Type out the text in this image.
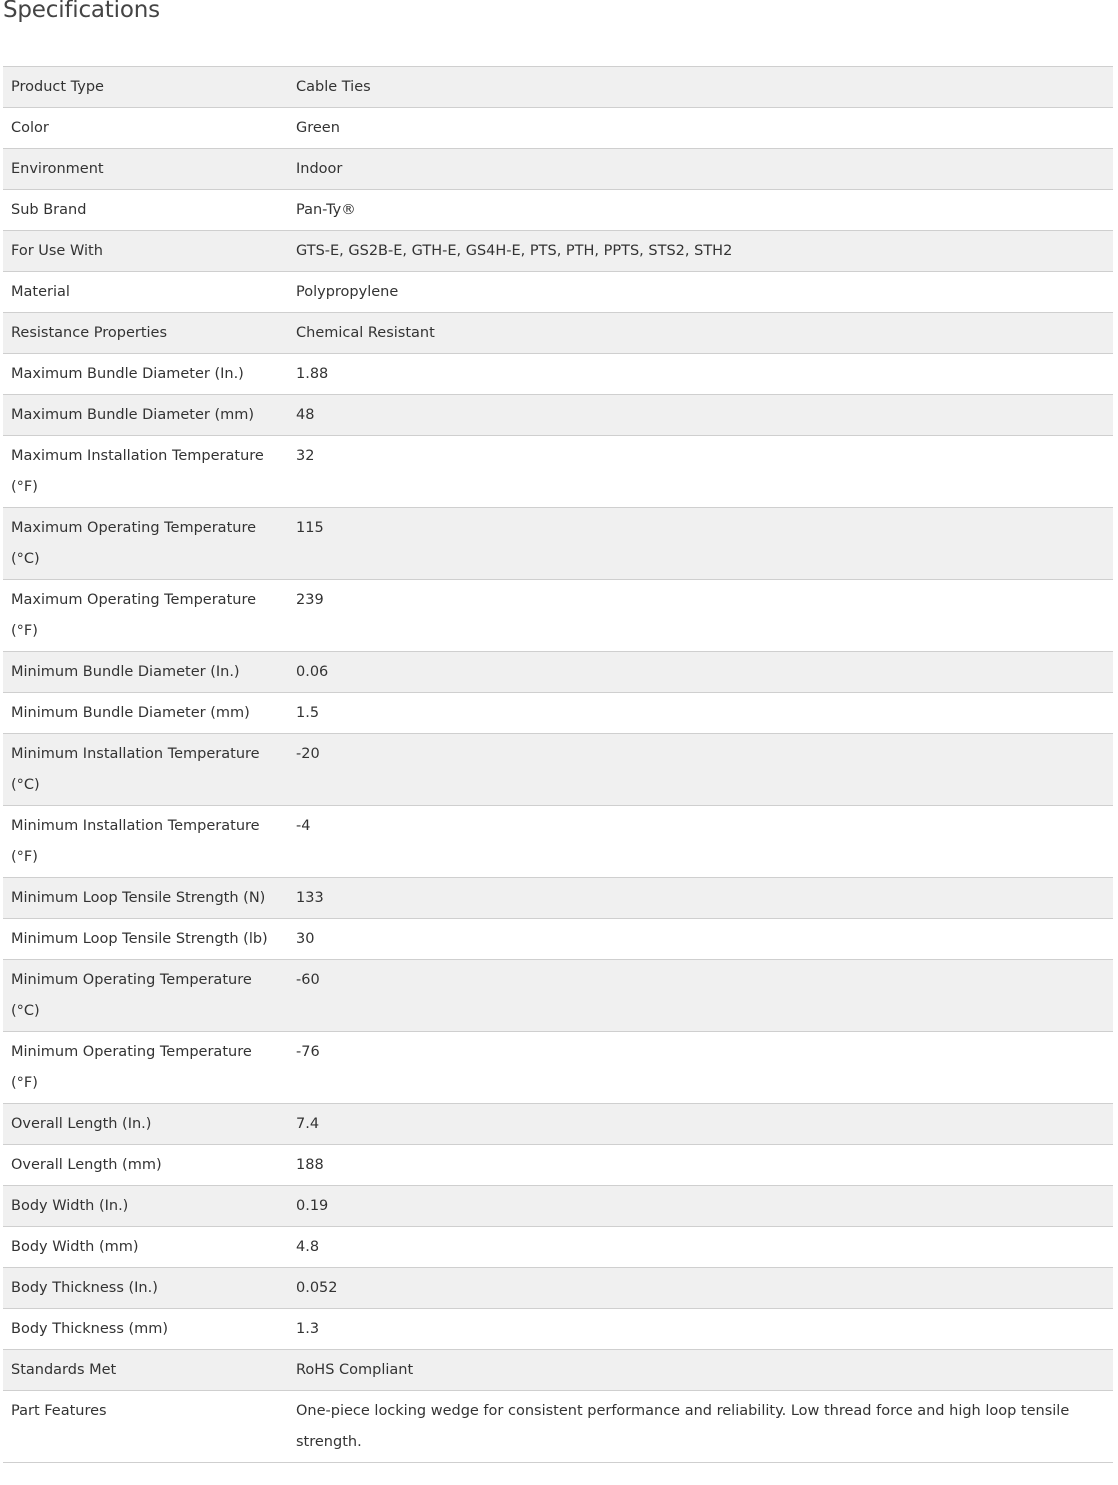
Specifications
Product Type	Cable Ties
Color	Green
Environment	Indoor
Sub Brand	Pan-Ty®
For Use With	GTS-E, GS2B-E, GTH-E, GS4H-E, PTS, PTH, PPTS, STS2, STH2
Material	Polypropylene
Resistance Properties	Chemical Resistant
Maximum Bundle Diameter (In.)	1.88
Maximum Bundle Diameter (mm)	48
Maximum Installation Temperature (°F)	32
Maximum Operating Temperature (°C)	115
Maximum Operating Temperature (°F)	239
Minimum Bundle Diameter (In.)	0.06
Minimum Bundle Diameter (mm)	1.5
Minimum Installation Temperature (°C)	-20
Minimum Installation Temperature (°F)	-4
Minimum Loop Tensile Strength (N)	133
Minimum Loop Tensile Strength (lb)	30
Minimum Operating Temperature (°C)	-60
Minimum Operating Temperature (°F)	-76
Overall Length (In.)	7.4
Overall Length (mm)	188
Body Width (In.)	0.19
Body Width (mm)	4.8
Body Thickness (In.)	0.052
Body Thickness (mm)	1.3
Standards Met	RoHS Compliant
Part Features	One-piece locking wedge for consistent performance and reliability. Low thread force and high loop tensile strength.
